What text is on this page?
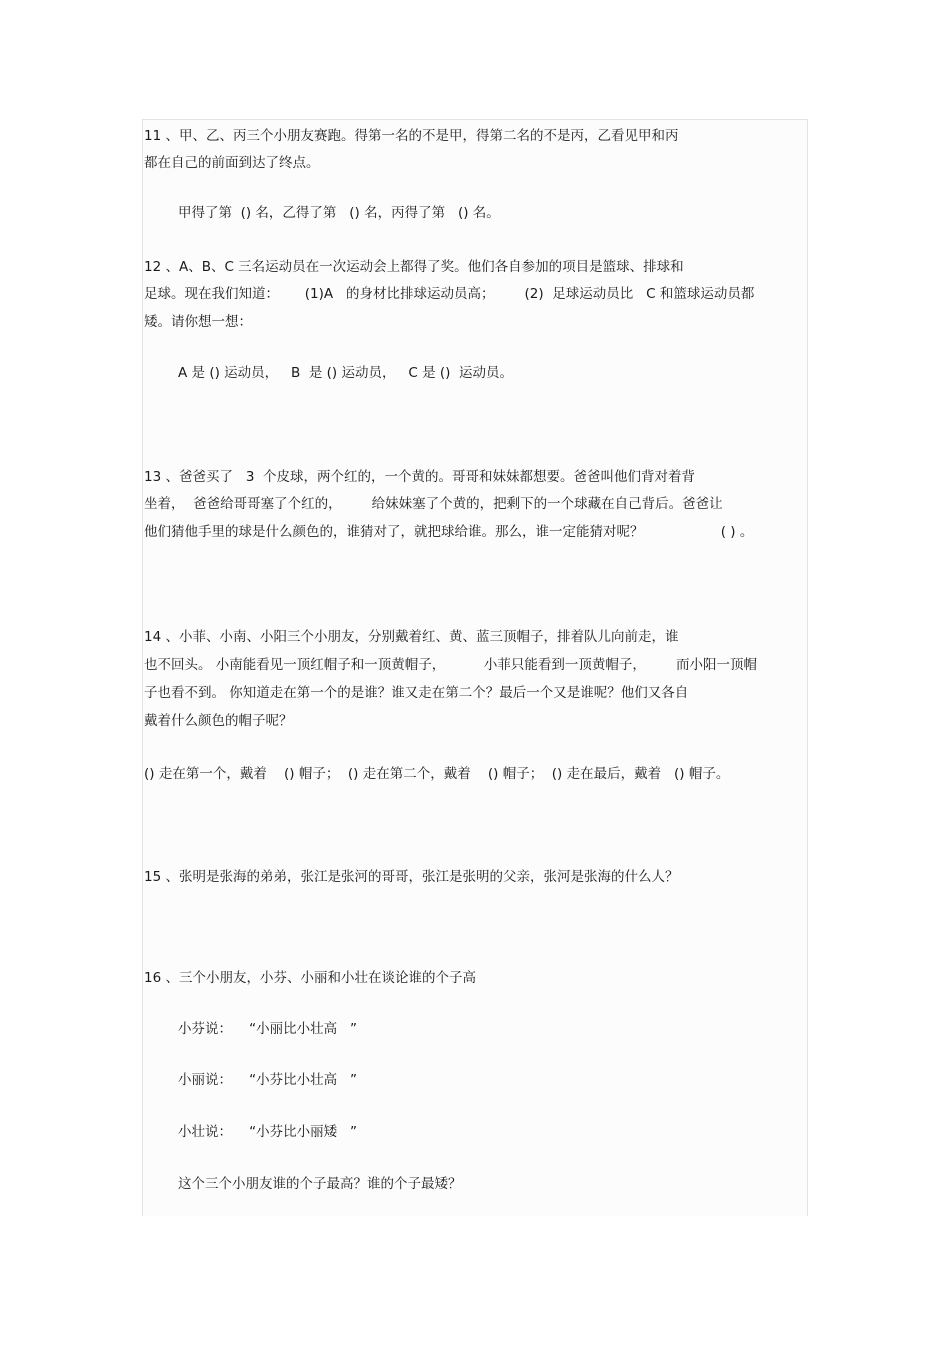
11 、甲、乙、丙三个小朋友赛跑。得第一名的不是甲，得第二名的不是丙，乙看见甲和丙
都在自己的前面到达了终点。
甲得了第  () 名，乙得了第   () 名，丙得了第   () 名。
12 、A、B、C 三名运动员在一次运动会上都得了奖。他们各自参加的项目是篮球、排球和
足球。现在我们知道：      (1)A   的身材比排球运动员高；       (2)  足球运动员比   C 和篮球运动员都
矮。请你想一想：
A 是 () 运动员，   B  是 () 运动员，   C 是 ()  运动员。
13 、爸爸买了   3  个皮球，两个红的，一个黄的。哥哥和妹妹都想要。爸爸叫他们背对着背
坐着，  爸爸给哥哥塞了个红的，       给妹妹塞了个黄的，把剩下的一个球藏在自己背后。爸爸让
他们猜他手里的球是什么颜色的，谁猜对了，就把球给谁。那么，谁一定能猜对呢？                  ( ) 。
14 、小菲、小南、小阳三个小朋友，分别戴着红、黄、蓝三顶帽子，排着队儿向前走，谁
也不回头。 小南能看见一顶红帽子和一顶黄帽子，         小菲只能看到一顶黄帽子，       而小阳一顶帽
子也看不到。 你知道走在第一个的是谁？谁又走在第二个？最后一个又是谁呢？他们又各自
戴着什么颜色的帽子呢？
() 走在第一个，戴着    () 帽子；  () 走在第二个，戴着    () 帽子；  () 走在最后，戴着   () 帽子。
15 、张明是张海的弟弟，张江是张河的哥哥，张江是张明的父亲，张河是张海的什么人？
16 、三个小朋友，小芬、小丽和小壮在谈论谁的个子高
小芬说：    “小丽比小壮高   ”
小丽说：    “小芬比小壮高   ”
小壮说：    “小芬比小丽矮   ”
这个三个小朋友谁的个子最高？谁的个子最矮？
